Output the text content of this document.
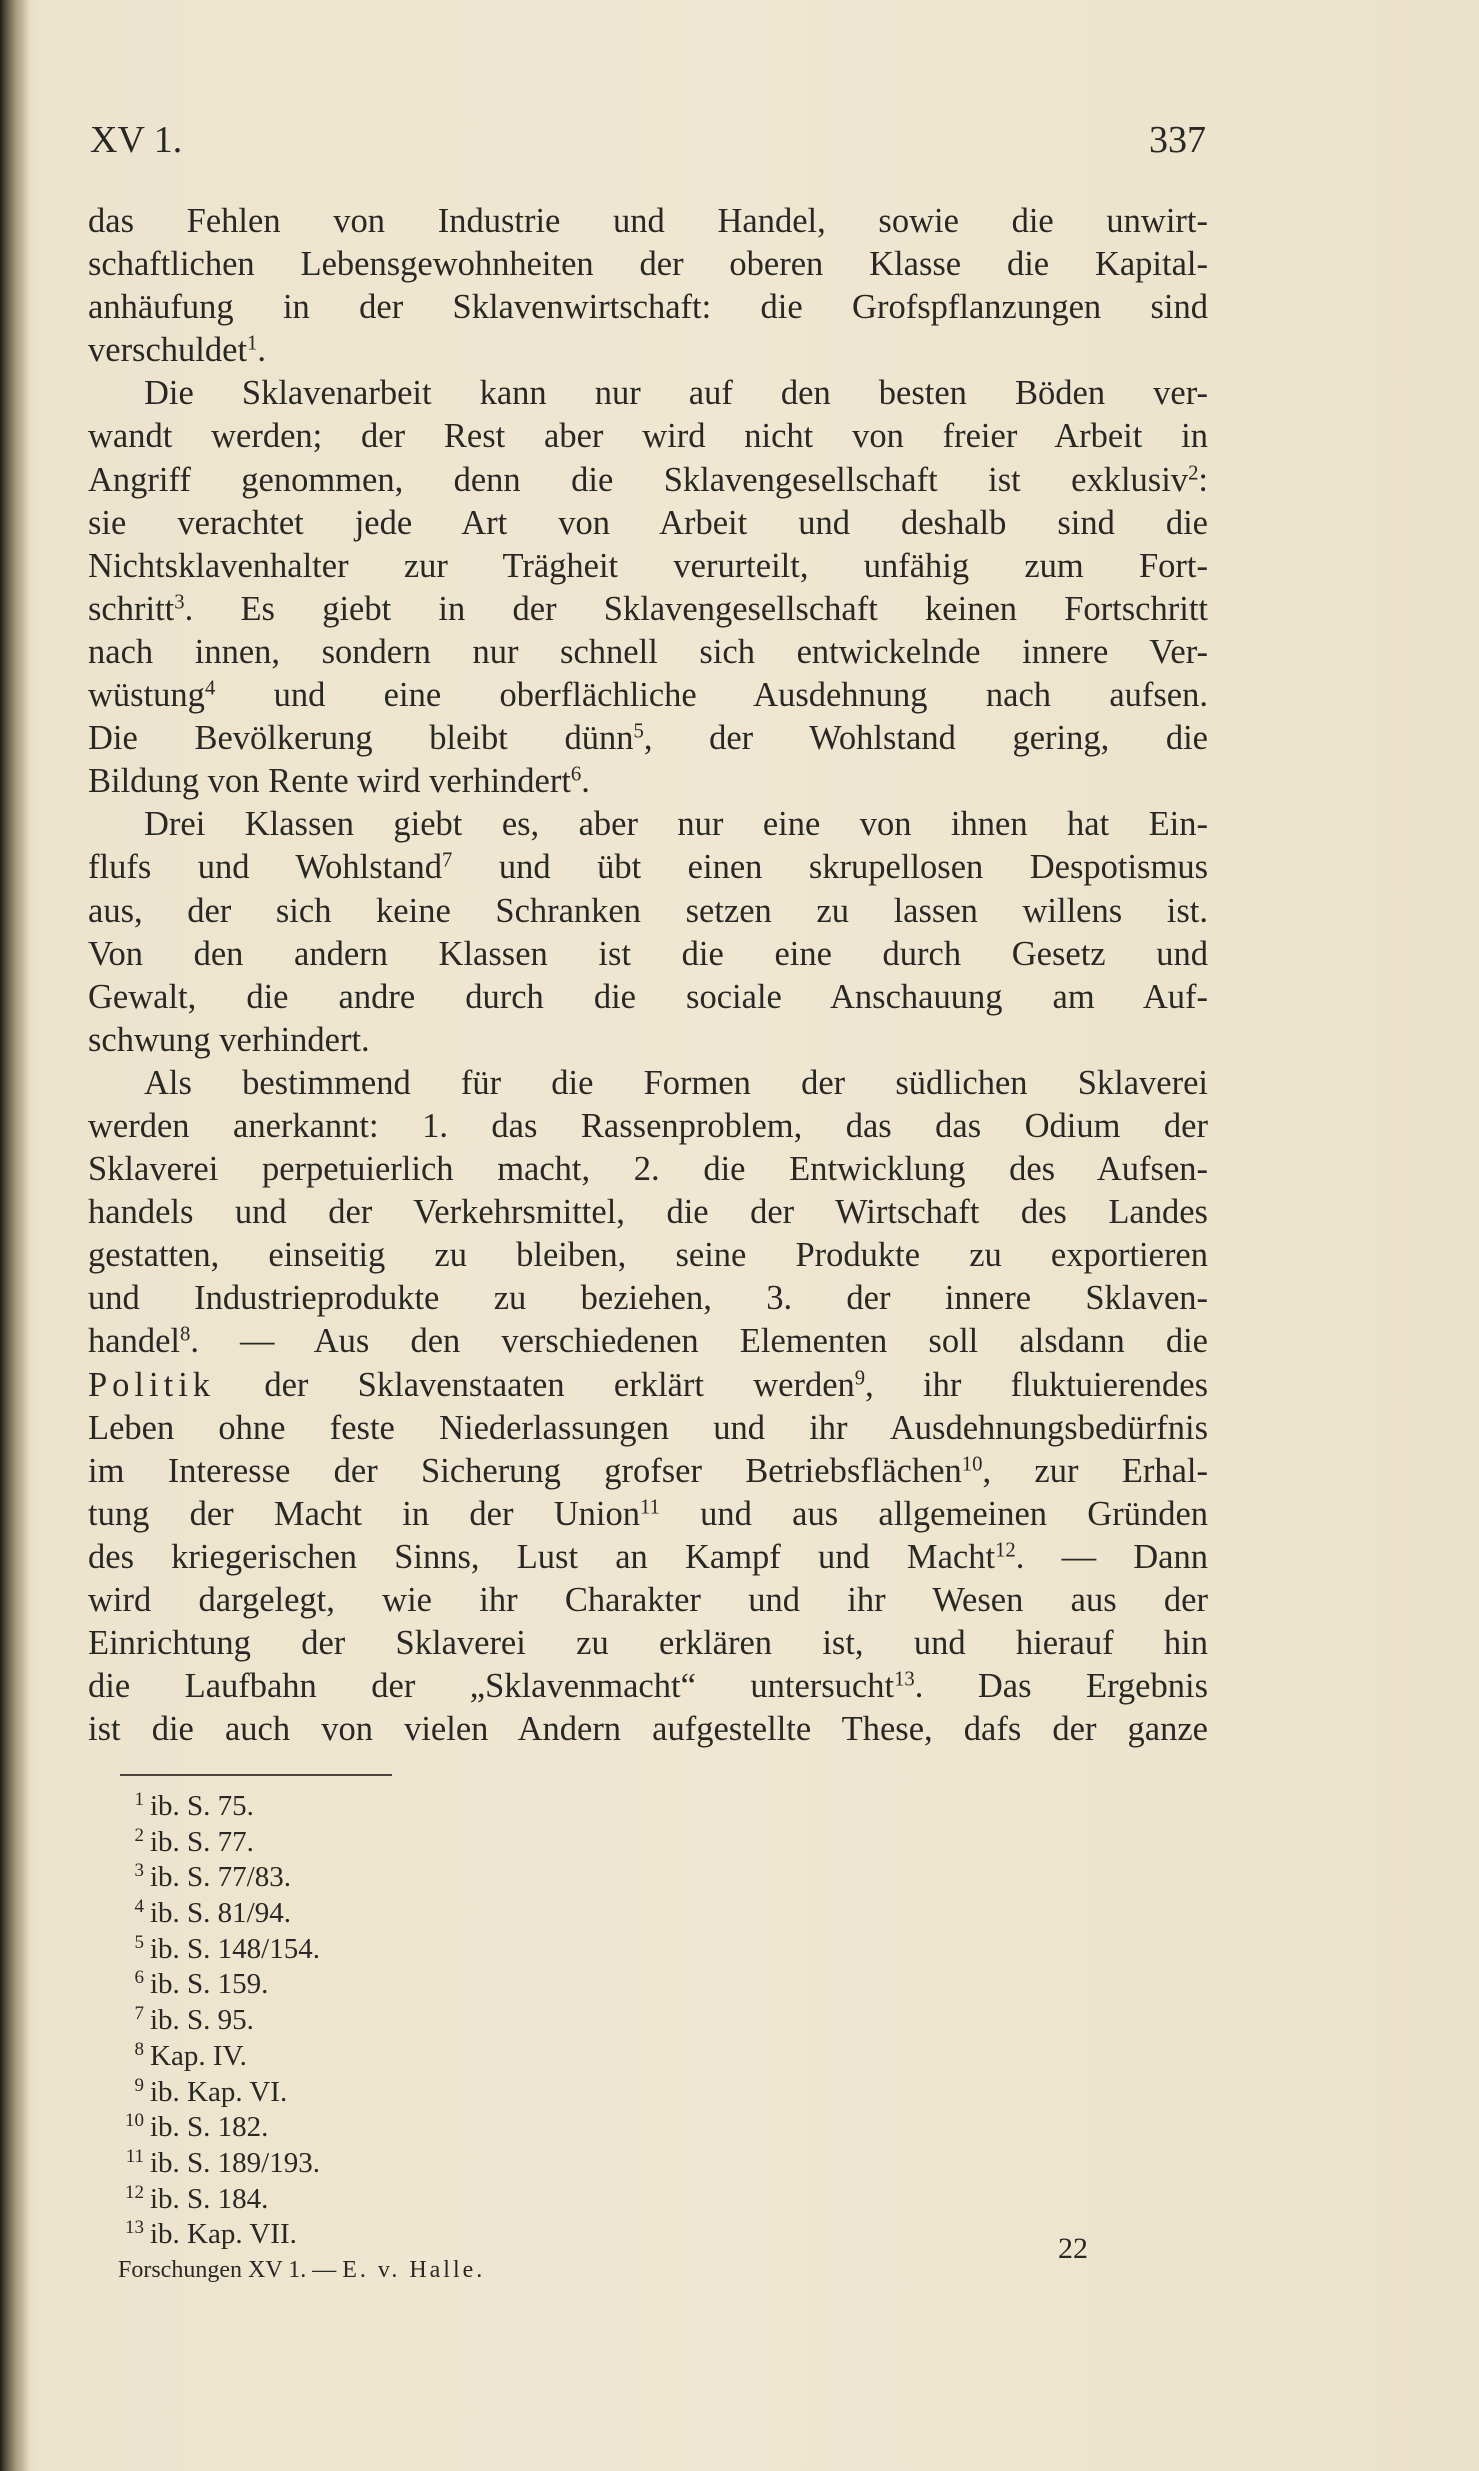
XV 1.	337
das Fehlen von Industrie und Handel, sowie die unwirt-
schaftlichen Lebensgewohnheiten der oberen Klasse die Kapital-
anhäufung in der Sklavenwirtschaft: die Grofspflanzungen sind
verschuldet$^1$.
Die Sklavenarbeit kann nur auf den besten Böden ver-
wandt werden; der Rest aber wird nicht von freier Arbeit in
Angriff genommen, denn die Sklavengesellschaft ist exklusiv$^2$:
sie verachtet jede Art von Arbeit und deshalb sind die
Nichtsklavenhalter zur Trägheit verurteilt, unfähig zum Fort-
schritt$^3$. Es giebt in der Sklavengesellschaft keinen Fortschritt
nach innen, sondern nur schnell sich entwickelnde innere Ver-
wüstung$^4$ und eine oberflächliche Ausdehnung nach aufsen.
Die Bevölkerung bleibt dünn$^5$, der Wohlstand gering, die
Bildung von Rente wird verhindert$^6$.
Drei Klassen giebt es, aber nur eine von ihnen hat Ein-
flufs und Wohlstand$^7$ und übt einen skrupellosen Despotismus
aus, der sich keine Schranken setzen zu lassen willens ist.
Von den andern Klassen ist die eine durch Gesetz und
Gewalt, die andre durch die sociale Anschauung am Auf-
schwung verhindert.
Als bestimmend für die Formen der südlichen Sklaverei
werden anerkannt: 1. das Rassenproblem, das das Odium der
Sklaverei perpetuierlich macht, 2. die Entwicklung des Aufsen-
handels und der Verkehrsmittel, die der Wirtschaft des Landes
gestatten, einseitig zu bleiben, seine Produkte zu exportieren
und Industrieprodukte zu beziehen, 3. der innere Sklaven-
handel$^8$. — Aus den verschiedenen Elementen soll alsdann die
Politik der Sklavenstaaten erklärt werden$^9$, ihr fluktuierendes
Leben ohne feste Niederlassungen und ihr Ausdehnungsbedürfnis
im Interesse der Sicherung grofser Betriebsflächen$^{10}$, zur Erhal-
tung der Macht in der Union$^{11}$ und aus allgemeinen Gründen
des kriegerischen Sinns, Lust an Kampf und Macht$^{12}$. — Dann
wird dargelegt, wie ihr Charakter und ihr Wesen aus der
Einrichtung der Sklaverei zu erklären ist, und hierauf hin
die Laufbahn der „Sklavenmacht“ untersucht$^{13}$. Das Ergebnis
ist die auch von vielen Andern aufgestellte These, dafs der ganze
1 ib. S. 75.
2 ib. S. 77.
3 ib. S. 77/83.
4 ib. S. 81/94.
5 ib. S. 148/154.
6 ib. S. 159.
7 ib. S. 95.
8 Kap. IV.
9 ib. Kap. VI.
10 ib. S. 182.
11 ib. S. 189/193.
12 ib. S. 184.
13 ib. Kap. VII.
Forschungen XV 1. — E. v. Halle.
22
